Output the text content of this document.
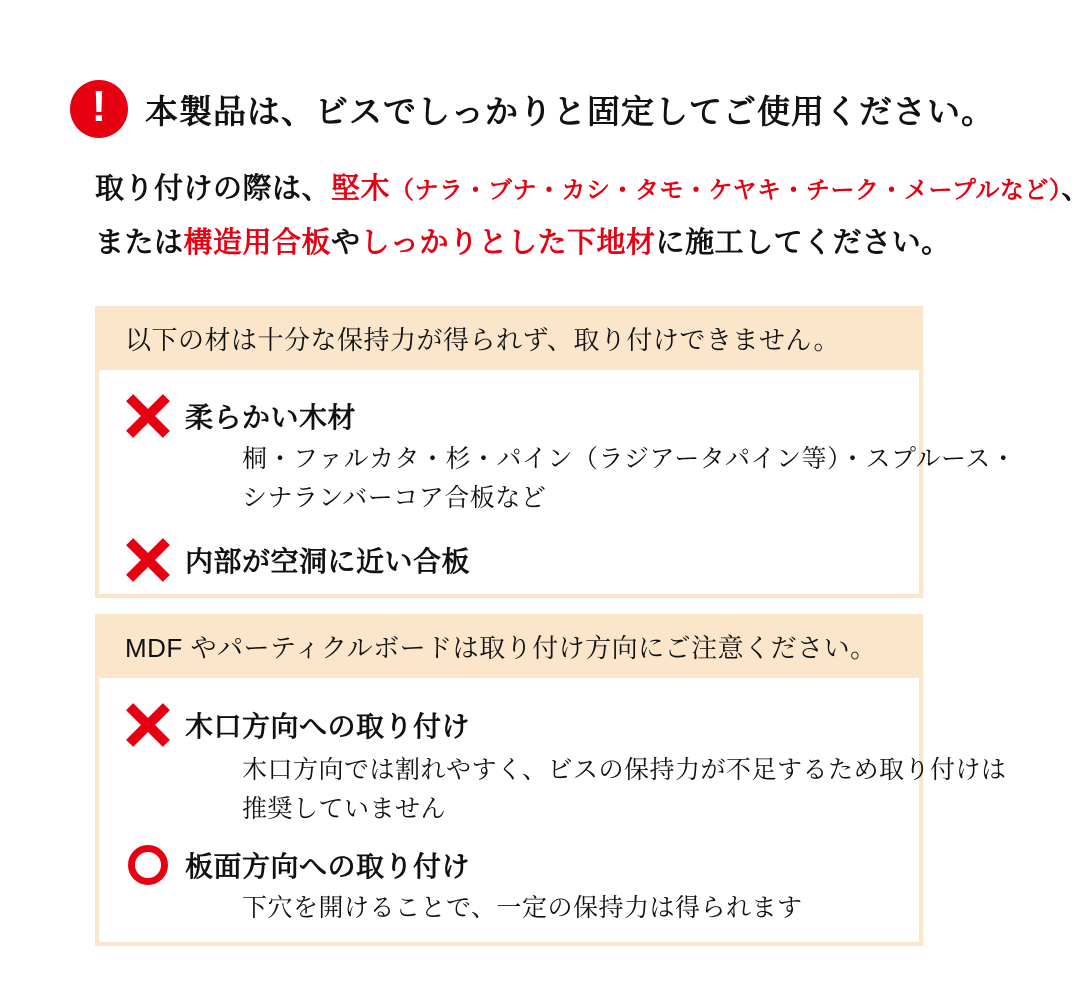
! 本製品は、ビスでしっかりと固定してご使用ください。

取り付けの際は、堅木（ナラ・ブナ・カシ・タモ・ケヤキ・チーク・メープルなど）、
または構造用合板やしっかりとした下地材に施工してください。

以下の材は十分な保持力が得られず、取り付けできません。
柔らかい木材
桐・ファルカタ・杉・パイン（ラジアータパイン等）・スプルース・
シナランバーコア合板など
内部が空洞に近い合板
MDF やパーティクルボードは取り付け方向にご注意ください。
木口方向への取り付け
木口方向では割れやすく、ビスの保持力が不足するため取り付けは
推奨していません
板面方向への取り付け
下穴を開けることで、一定の保持力は得られます
